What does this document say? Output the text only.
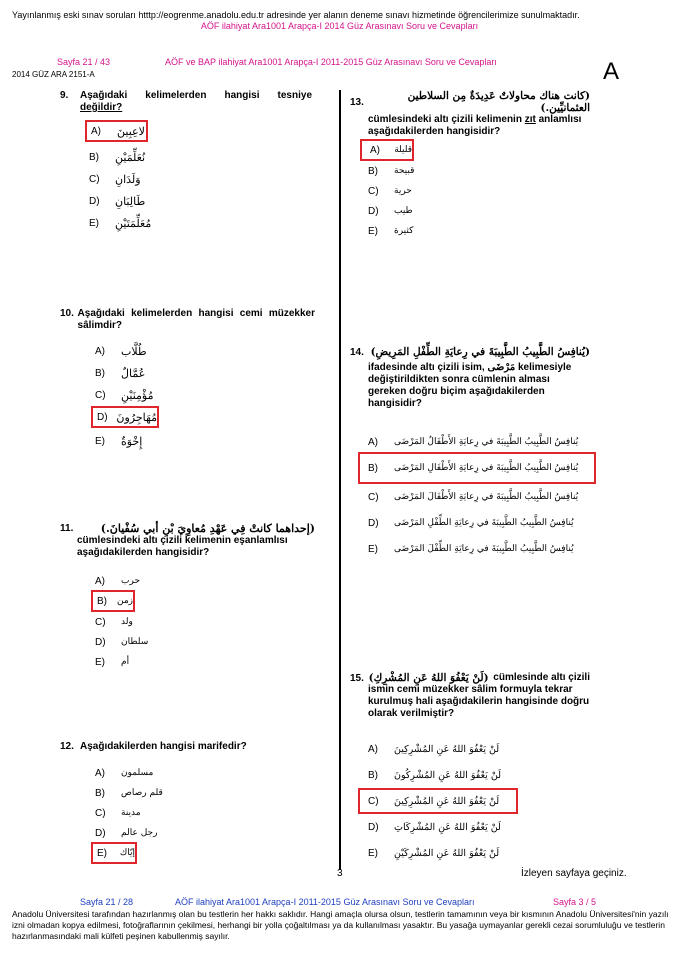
Yayınlanmış eski sınav soruları htttp://eogrenme.anadolu.edu.tr adresinde yer alanın deneme sınavı hizmetinde öğrencilerimize sunulmaktadır.
AÖF ilahiyat Ara1001 Arapça-I 2014 Güz Arasınavı Soru ve Cevapları
Sayfa 21 / 43	AÖF ve BAP ilahiyat Ara1001 Arapça-I 2011-2015 Güz Arasınavı Soru ve Cevapları
2014 GÜZ ARA 2151-A	A
9.	Aşağıdaki kelimelerden hangisi tesniye
değildir?
A)	لاعِبِينَ
B)	نُعَلِّمَيْنِ
C)	وَلَدَانِ
D)	طَالِبَانِ
E)	مُعَلِّمَتَيْنِ
10. Aşağıdaki kelimelerden hangisi cemi müzekker sâlimdir?
A)	طُلَّاب
B)	عُمَّالٌ
C)	مُؤْمِنَيْنِ
D) مُهَاجِرُونَ
E)	إِخْوَةٌ
11. (إحداهما كانتْ فِي عَهْدِ مُعاوِيَ بْنِ أبي سُفْيانَ.)
cümlesindeki altı çizili kelimenin eşanlamlısı aşağıdakilerden hangisidir?
A)	حرب
B)	زمن
C)	ولد
D)	سلطان
E)	أم
12. Aşağıdakilerden hangisi marifedir?
A)	مسلمون
B)	قلم رصاص
C)	مدينة
D)	رجل عالم
E)	إيّاك
13.	(كانت هناك محاولاتٌ عَدِيدَةٌ مِن السلاطين العثمانيِّين.)
cümlesindeki altı çizili kelimenin zıt anlamlısı aşağıdakilerden hangisidir?
A)	قليلة
B)	قبيحة
C)	حرية
D)	طيب
E)	كثيرة
14. (يُنافِسُ الطَّبِيبُ الطَّبِيبَةَ في رِعايَةِ الطِّفْلِ المَرِيضِ)
ifadesinde altı çizili isim, مَرْضَى kelimesiyle değiştirildikten sonra cümlenin alması gereken doğru biçim aşağıdakilerden hangisidir?
A)	يُنافِسُ الطَّبِيبُ الطَّبِيبَةَ في رِعايَةِ الأَطْفَالُ المَرْضَى
B)	يُنافِسُ الطَّبِيبُ الطَّبِيبَةَ في رِعايَةِ الأَطْفَالِ المَرْضَى
C)	يُنافِسُ الطَّبِيبُ الطَّبِيبَةَ في رِعايَةِ الأَطْفَالَ المَرْضَى
D)	يُنافِسُ الطَّبِيبُ الطَّبِيبَةَ في رِعايَةِ الطِّفْلِ المَرْضَى
E)	يُنافِسُ الطَّبِيبُ الطَّبِيبَةَ في رِعايَةِ الطِّفْلَ المَرْضَى
15. (لَنْ يَعْفُوَ اللهُ عَنِ المُشْرِكِ) cümlesinde altı çizili
ismin cemi müzekker sâlim formuyla tekrar kurulmuş hali aşağıdakilerin hangisinde doğru olarak verilmiştir?
A)	لَنْ يَعْفُوَ اللهُ عَنِ المُشْرِكِينَ
B)	لَنْ يَعْفُوَ اللهُ عَنِ المُشْرِكُونَ
C)	لَنْ يَعْفُوَ اللهُ عَنِ المُشْرِكِينَ
D)	لَنْ يَعْفُوَ اللهُ عَنِ المُشْرِكَاتِ
E)	لَنْ يَعْفُوَ اللهُ عَنِ المُشْرِكَيْنِ
3	İzleyen sayfaya geçiniz.
Sayfa 21 / 28	AÖF ilahiyat Ara1001 Arapça-I 2011-2015 Güz Arasınavı Soru ve Cevapları	Sayfa 3 / 5
Anadolu Üniversitesi tarafından hazırlanmış olan bu testlerin her hakkı saklıdır. Hangi amaçla olursa olsun, testlerin tamamının veya bir kısmının Anadolu Üniversitesi'nin yazılı izni olmadan kopya edilmesi, fotoğraflarının çekilmesi, herhangi bir yolla çoğaltılması ya da kullanılması yasaktır. Bu yasağa uymayanlar gerekli cezai sorumluluğu ve testlerin hazırlanmasındaki mali külfeti peşinen kabullenmiş sayılır.
